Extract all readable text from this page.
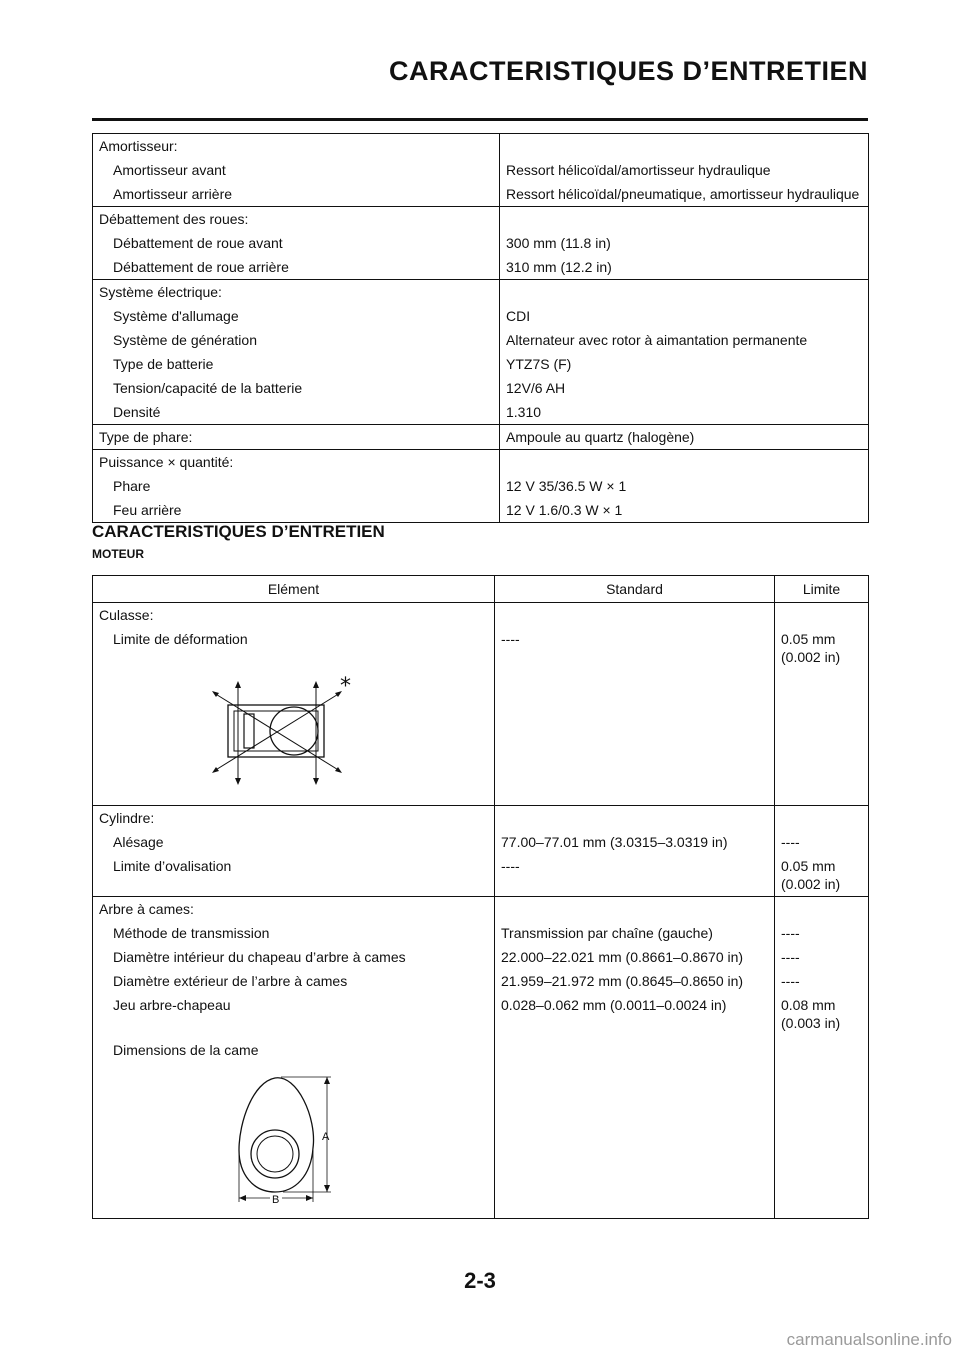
CARACTERISTIQUES D’ENTRETIEN
Amortisseur:	
Amortisseur avant	Ressort hélicoïdal/amortisseur hydraulique
Amortisseur arrière	Ressort hélicoïdal/pneumatique, amortisseur hydraulique
Débattement des roues:	
Débattement de roue avant	300 mm (11.8 in)
Débattement de roue arrière	310 mm (12.2 in)
Système électrique:	
Système d'allumage	CDI
Système de génération	Alternateur avec rotor à aimantation permanente
Type de batterie	YTZ7S (F)
Tension/capacité de la batterie	12V/6 AH
Densité	1.310
Type de phare:	Ampoule au quartz (halogène)
Puissance × quantité:	
Phare	12 V 35/36.5 W × 1
Feu arrière	12 V 1.6/0.3 W × 1
CARACTERISTIQUES D’ENTRETIEN
MOTEUR
Elément	Standard	Limite
Culasse:		
Limite de déformation	----	0.05 mm (0.002 in)

*		

Cylindre:		
Alésage	77.00–77.01 mm (3.0315–3.0319 in)	----
Limite d’ovalisation	----	0.05 mm (0.002 in)
Arbre à cames:		
Méthode de transmission	Transmission par chaîne (gauche)	----
Diamètre intérieur du chapeau d’arbre à cames	22.000–22.021 mm (0.8661–0.8670 in)	----
Diamètre extérieur de l’arbre à cames	21.959–21.972 mm (0.8645–0.8650 in)	----
Jeu arbre-chapeau	0.028–0.062 mm (0.0011–0.0024 in)	0.08 mm (0.003 in)
Dimensions de la came		

A
B		

2-3
carmanualsonline.info
